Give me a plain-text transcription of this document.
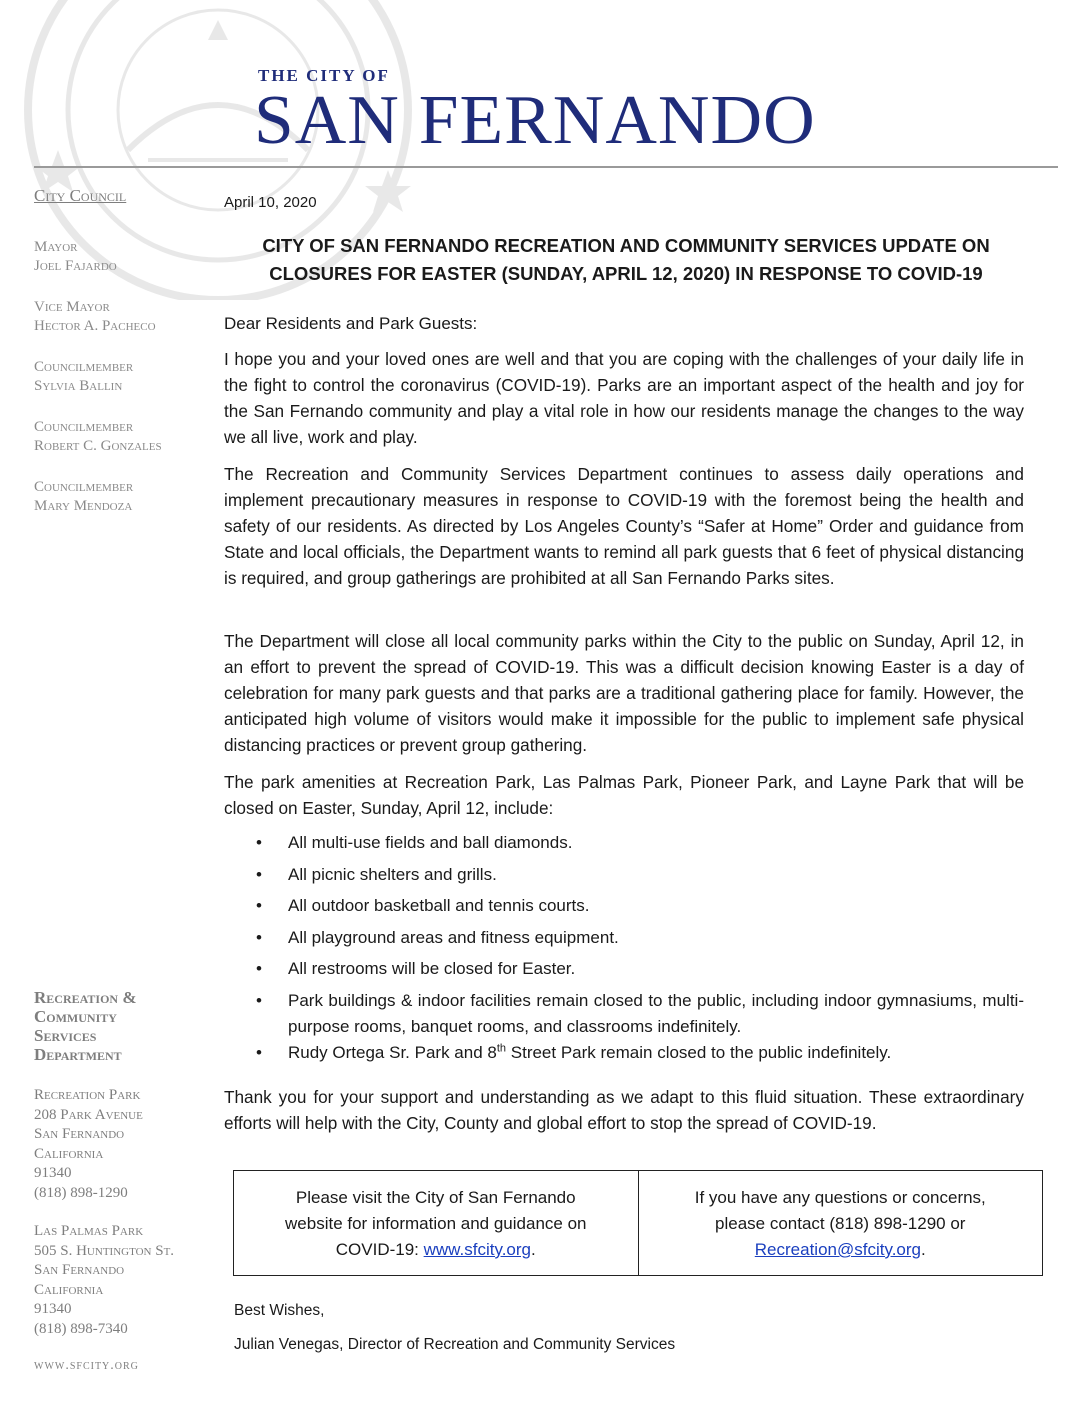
THE CITY OF
SAN FERNANDO
City Council
Mayor
Joel Fajardo
Vice Mayor
Hector A. Pacheco
Councilmember
Sylvia Ballin
Councilmember
Robert C. Gonzales
Councilmember
Mary Mendoza
Recreation &
Community
Services
Department
Recreation Park
208 Park Avenue
San Fernando
California
91340
(818) 898-1290
Las Palmas Park
505 S. Huntington St.
San Fernando
California
91340
(818) 898-7340
www.sfcity.org
April 10, 2020
CITY OF SAN FERNANDO RECREATION AND COMMUNITY SERVICES UPDATE ON
CLOSURES FOR EASTER (SUNDAY, APRIL 12, 2020) IN RESPONSE TO COVID-19
Dear Residents and Park Guests:
I hope you and your loved ones are well and that you are coping with the challenges of your daily life in the fight to control the coronavirus (COVID-19). Parks are an important aspect of the health and joy for the San Fernando community and play a vital role in how our residents manage the changes to the way we all live, work and play.
The Recreation and Community Services Department continues to assess daily operations and implement precautionary measures in response to COVID-19 with the foremost being the health and safety of our residents. As directed by Los Angeles County’s “Safer at Home” Order and guidance from State and local officials, the Department wants to remind all park guests that 6 feet of physical distancing is required, and group gatherings are prohibited at all San Fernando Parks sites.
The Department will close all local community parks within the City to the public on Sunday, April 12, in an effort to prevent the spread of COVID-19. This was a difficult decision knowing Easter is a day of celebration for many park guests and that parks are a traditional gathering place for family. However, the anticipated high volume of visitors would make it impossible for the public to implement safe physical distancing practices or prevent group gathering.
The park amenities at Recreation Park, Las Palmas Park, Pioneer Park, and Layne Park that will be closed on Easter, Sunday, April 12, include:
• All multi-use fields and ball diamonds.
• All picnic shelters and grills.
• All outdoor basketball and tennis courts.
• All playground areas and fitness equipment.
• All restrooms will be closed for Easter.
• Park buildings & indoor facilities remain closed to the public, including indoor gymnasiums, multi-purpose rooms, banquet rooms, and classrooms indefinitely.
• Rudy Ortega Sr. Park and 8th Street Park remain closed to the public indefinitely.
Thank you for your support and understanding as we adapt to this fluid situation. These extraordinary efforts will help with the City, County and global effort to stop the spread of COVID-19.
Please visit the City of San Fernando
website for information and guidance on
COVID-19: www.sfcity.org.
If you have any questions or concerns,
please contact (818) 898-1290 or
Recreation@sfcity.org.
Best Wishes,
Julian Venegas, Director of Recreation and Community Services
